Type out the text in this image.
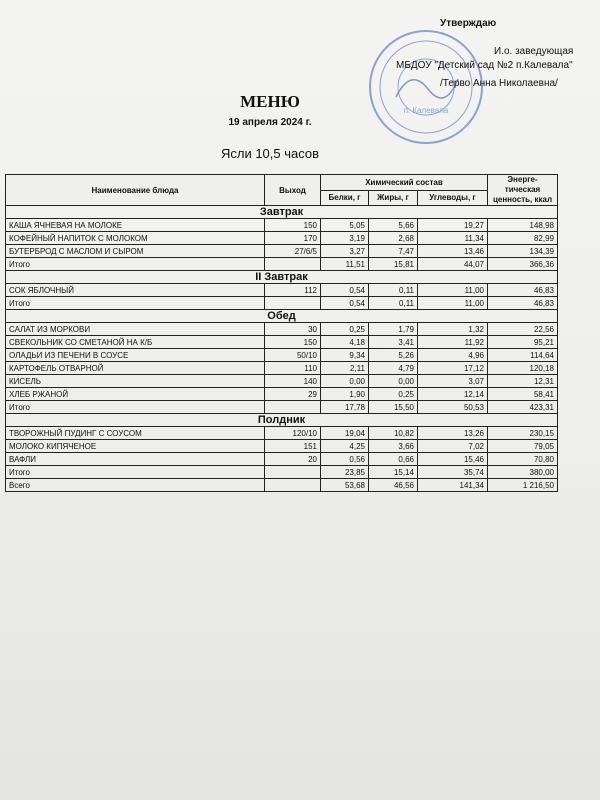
Утверждаю
п. Калевала
И.о. заведующая
МБДОУ "Детский сад №2 п.Калевала"
/Терво Анна Николаевна/
МЕНЮ
19 апреля 2024 г.
Ясли 10,5 часов
Наименование блюда	Выход	Химический состав			Энерге-тическая ценность, ккал
		Белки, г	Жиры, г	Углеводы, г	
Завтрак					
КАША ЯЧНЕВАЯ НА МОЛОКЕ	150	5,05	5,66	19,27	148,98
КОФЕЙНЫЙ НАПИТОК С МОЛОКОМ	170	3,19	2,68	11,34	82,99
БУТЕРБРОД С МАСЛОМ И СЫРОМ	27/6/5	3,27	7,47	13,46	134,39
Итого		11,51	15,81	44,07	366,36
II Завтрак					
СОК ЯБЛОЧНЫЙ	112	0,54	0,11	11,00	46,83
Итого		0,54	0,11	11,00	46,83
Обед					
САЛАТ ИЗ МОРКОВИ	30	0,25	1,79	1,32	22,56
СВЕКОЛЬНИК СО СМЕТАНОЙ НА К/Б	150	4,18	3,41	11,92	95,21
ОЛАДЬИ ИЗ ПЕЧЕНИ В СОУСЕ	50/10	9,34	5,26	4,96	114,64
КАРТОФЕЛЬ ОТВАРНОЙ	110	2,11	4,79	17,12	120,18
КИСЕЛЬ	140	0,00	0,00	3,07	12,31
ХЛЕБ РЖАНОЙ	29	1,90	0,25	12,14	58,41
Итого		17,78	15,50	50,53	423,31
Полдник					
ТВОРОЖНЫЙ ПУДИНГ С СОУСОМ	120/10	19,04	10,82	13,26	230,15
МОЛОКО КИПЯЧЕНОЕ	151	4,25	3,66	7,02	79,05
ВАФЛИ	20	0,56	0,66	15,46	70,80
Итого		23,85	15,14	35,74	380,00
Всего		53,68	46,56	141,34	1 216,50
